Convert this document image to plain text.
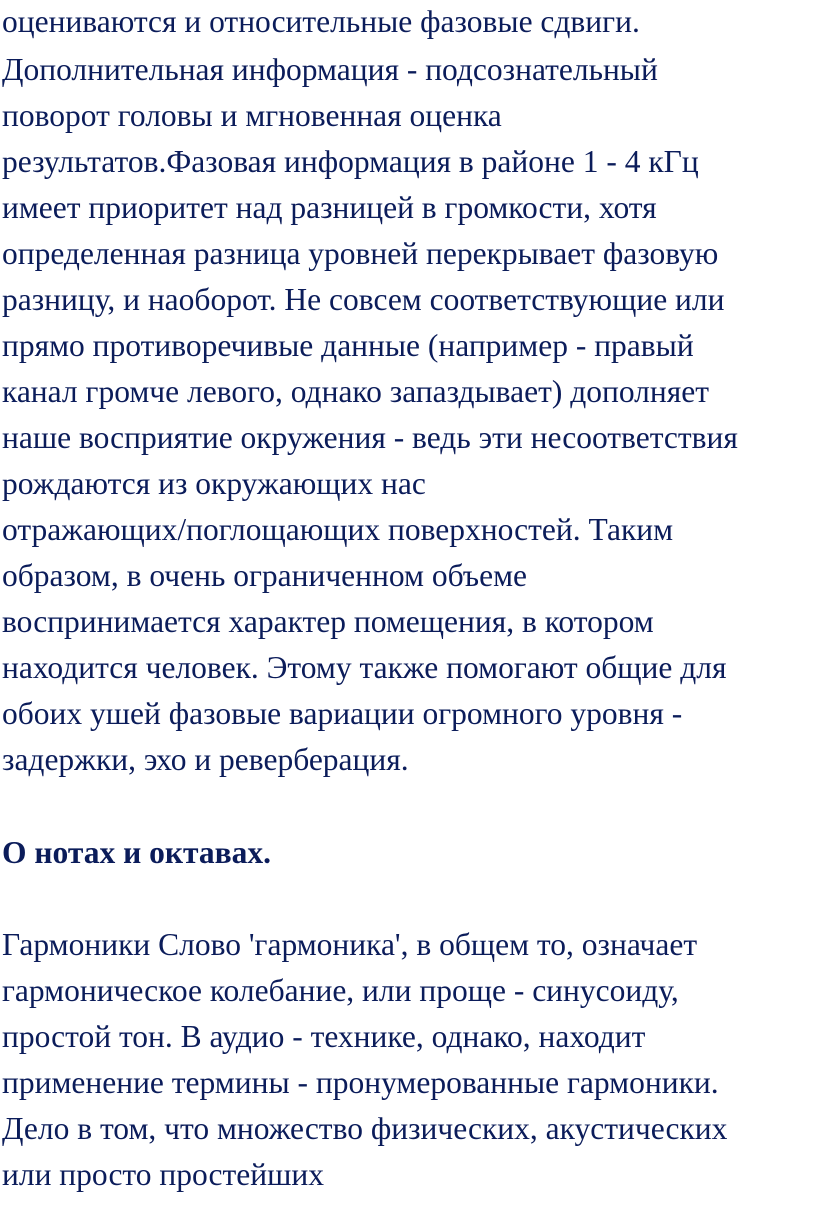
оцениваются и относительные фазовые сдвиги.

Дополнительная информация - подсознательный

поворот головы и мгновенная оценка

результатов.Фазовая информация в районе 1 - 4 кГц

имеет приоритет над разницей в громкости, хотя

определенная разница уровней перекрывает фазовую

разницу, и наоборот. Не совсем соответствующие или

прямо противоречивые данные (например - правый

канал громче левого, однако запаздывает) дополняет

наше восприятие окружения - ведь эти несоответствия

рождаются из окружающих нас

отражающих/поглощающих поверхностей. Таким

образом, в очень ограниченном объеме

воспринимается характер помещения, в котором

находится человек. Этому также помогают общие для

обоих ушей фазовые вариации огромного уровня -

задержки, эхо и реверберация.

О нотах и октавах.

Гармоники Слово 'гармоника', в общем то, означает

гармоническое колебание, или проще - синусоиду,

простой тон. В аудио - технике, однако, находит

применение термины - пронумерованные гармоники.

Дело в том, что множество физических, акустических

или просто простейших
